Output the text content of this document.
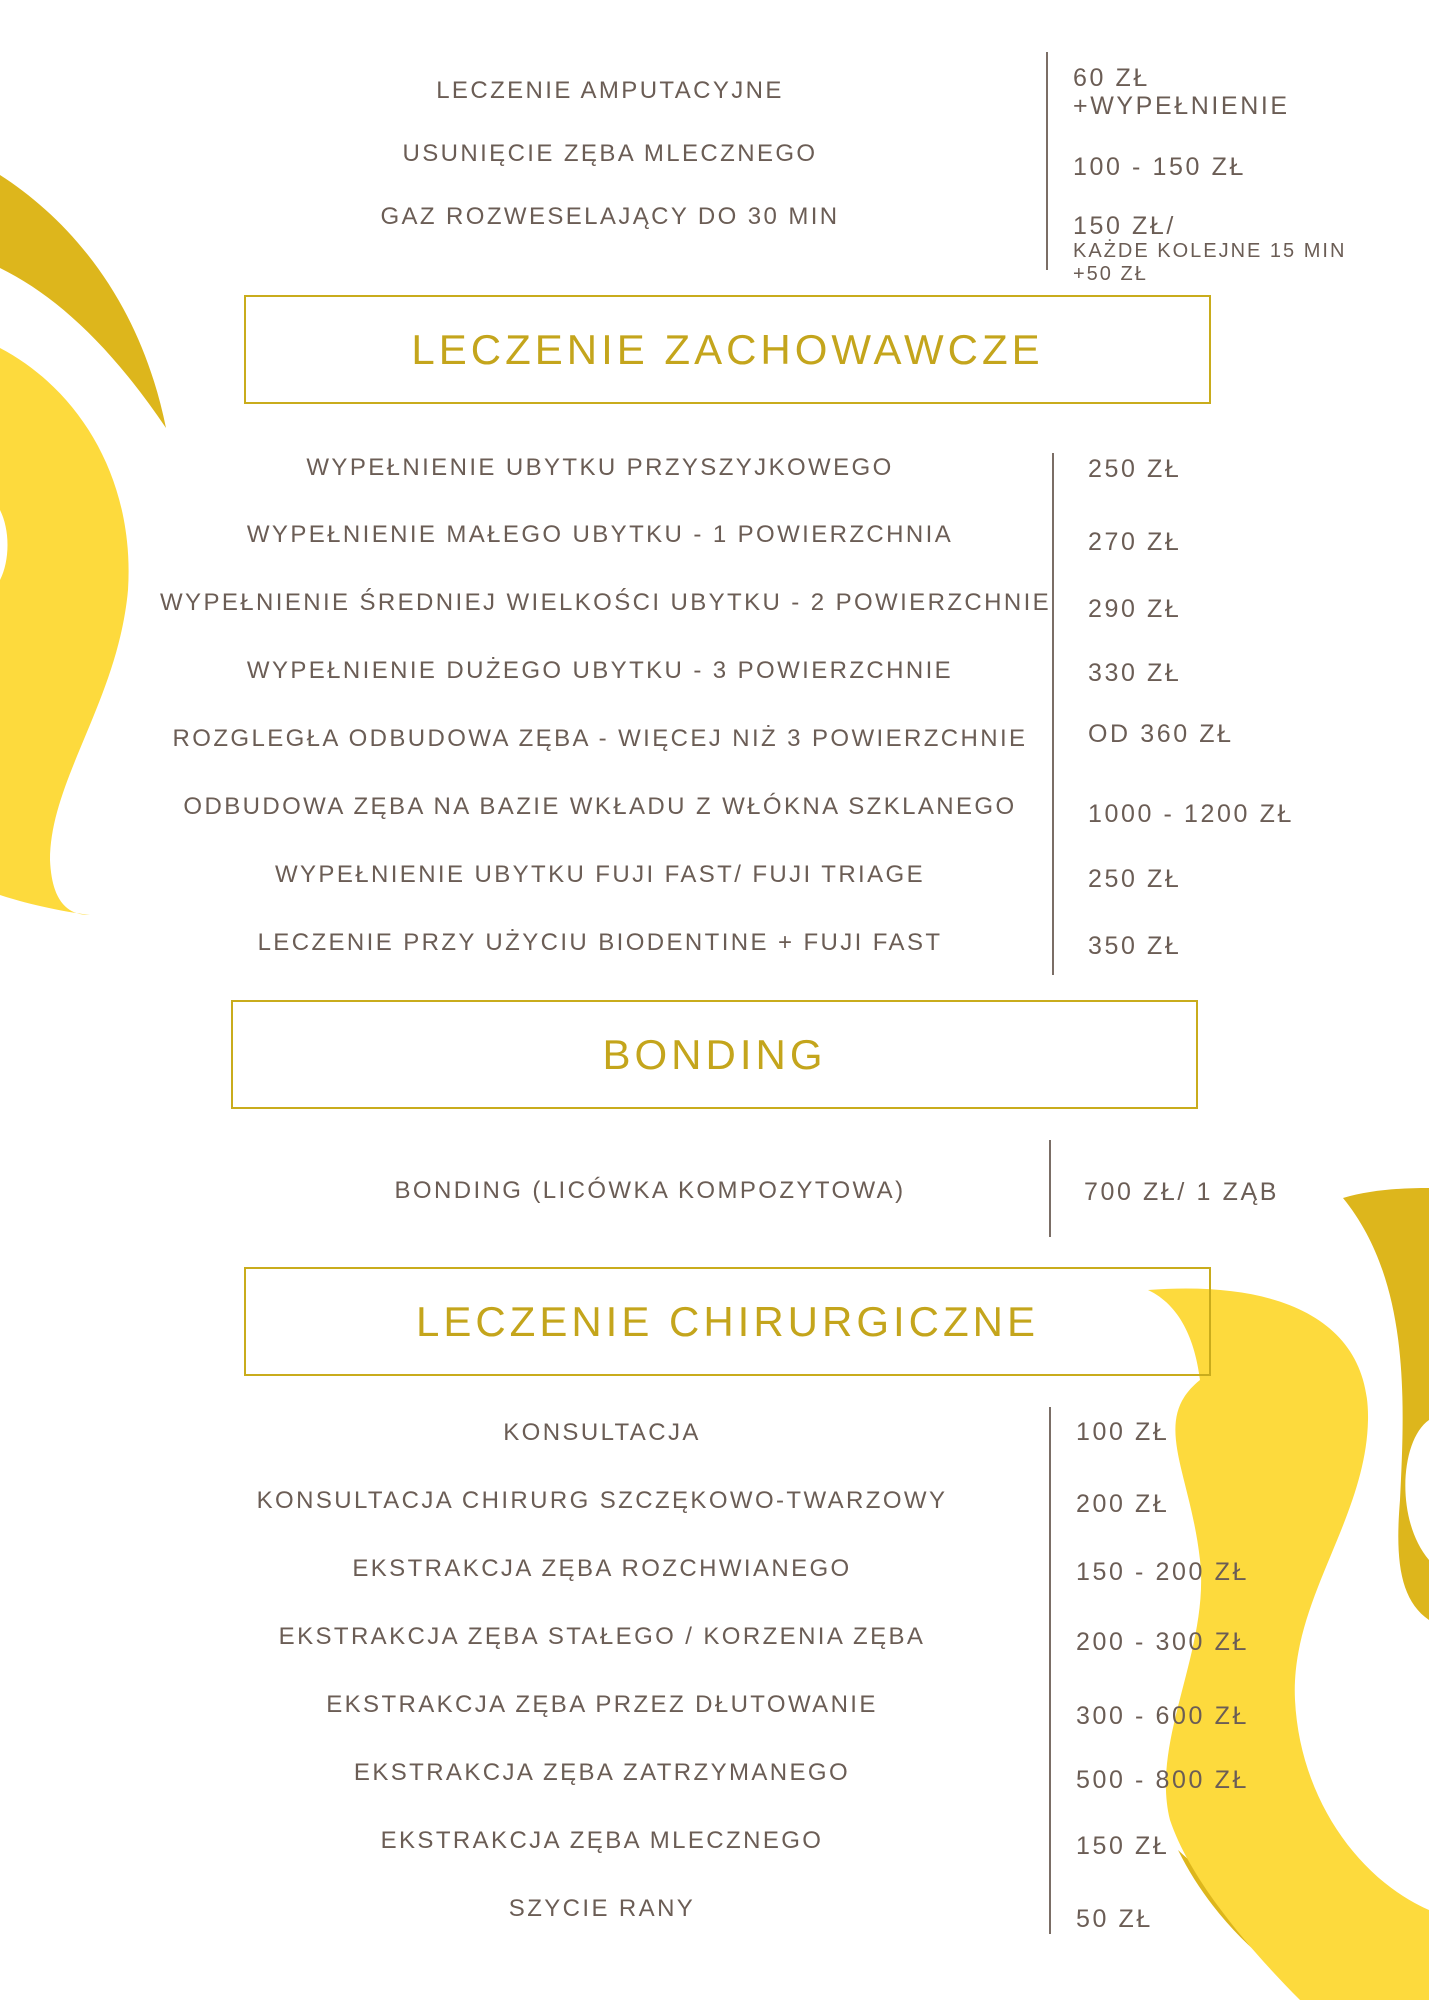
LECZENIE AMPUTACYJNE
USUNIĘCIE ZĘBA MLECZNEGO
GAZ ROZWESELAJĄCY DO 30 MIN
60 ZŁ
+WYPEŁNIENIE
100 - 150 ZŁ
150 ZŁ/
KAŻDE KOLEJNE 15 MIN
+50 ZŁ
LECZENIE ZACHOWAWCZE
WYPEŁNIENIE UBYTKU PRZYSZYJKOWEGO
WYPEŁNIENIE MAŁEGO UBYTKU - 1 POWIERZCHNIA
WYPEŁNIENIE ŚREDNIEJ WIELKOŚCI UBYTKU - 2 POWIERZCHNIE
WYPEŁNIENIE DUŻEGO UBYTKU - 3 POWIERZCHNIE
ROZGLEGŁA ODBUDOWA ZĘBA - WIĘCEJ NIŻ 3 POWIERZCHNIE
ODBUDOWA ZĘBA NA BAZIE WKŁADU Z WŁÓKNA SZKLANEGO
WYPEŁNIENIE UBYTKU FUJI FAST/ FUJI TRIAGE
LECZENIE PRZY UŻYCIU BIODENTINE + FUJI FAST
250 ZŁ
270 ZŁ
290 ZŁ
330 ZŁ
OD 360 ZŁ
1000 - 1200 ZŁ
250 ZŁ
350 ZŁ
BONDING
BONDING (LICÓWKA KOMPOZYTOWA)	700 ZŁ/ 1 ZĄB
LECZENIE CHIRURGICZNE
KONSULTACJA
KONSULTACJA CHIRURG SZCZĘKOWO-TWARZOWY
EKSTRAKCJA ZĘBA ROZCHWIANEGO
EKSTRAKCJA ZĘBA STAŁEGO / KORZENIA ZĘBA
EKSTRAKCJA ZĘBA PRZEZ DŁUTOWANIE
EKSTRAKCJA ZĘBA ZATRZYMANEGO
EKSTRAKCJA ZĘBA MLECZNEGO
SZYCIE RANY
100 ZŁ
200 ZŁ
150 - 200 ZŁ
200 - 300 ZŁ
300 - 600 ZŁ
500 - 800 ZŁ
150 ZŁ
50 ZŁ
